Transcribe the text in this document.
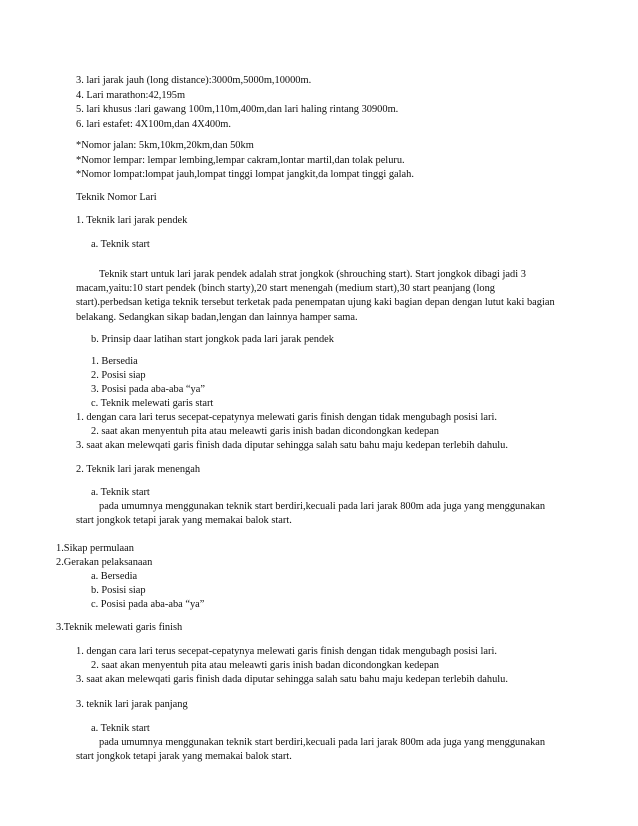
3. lari jarak jauh (long distance):3000m,5000m,10000m.

4. Lari marathon:42,195m

5. lari khusus :lari gawang 100m,110m,400m,dan lari haling rintang 30900m.

6. lari estafet: 4X100m,dan 4X400m.

*Nomor jalan: 5km,10km,20km,dan 50km

*Nomor lempar: lempar lembing,lempar cakram,lontar martil,dan tolak peluru.

*Nomor lompat:lompat jauh,lompat tinggi lompat jangkit,da lompat tinggi galah.

Teknik Nomor Lari

1. Teknik lari jarak pendek

a. Teknik start

Teknik start untuk lari jarak pendek adalah strat jongkok (shrouching start). Start jongkok dibagi jadi 3

macam,yaitu:10 start pendek (binch starty),20 start menengah (medium start),30 start peanjang (long

start).perbedsan ketiga teknik tersebut terketak pada penempatan ujung kaki bagian depan dengan lutut kaki bagian

belakang. Sedangkan sikap badan,lengan dan lainnya hamper sama.

b. Prinsip daar latihan start jongkok pada lari jarak pendek

1. Bersedia

2. Posisi siap

3. Posisi pada aba-aba “ya”

c. Teknik melewati garis start

1. dengan cara lari terus secepat-cepatynya melewati garis finish dengan tidak mengubagh posisi lari.

2. saat akan menyentuh pita atau meleawti garis inish badan dicondongkan kedepan

3. saat akan melewqati garis finish dada diputar sehingga salah satu bahu maju kedepan terlebih dahulu.

2. Teknik lari jarak menengah

a. Teknik start

pada umumnya menggunakan teknik start berdiri,kecuali pada lari jarak 800m ada juga yang menggunakan

start jongkok tetapi jarak yang memakai balok start.

1.Sikap permulaan

2.Gerakan pelaksanaan

a. Bersedia

b. Posisi siap

c. Posisi pada aba-aba “ya”

3.Teknik melewati garis finish

1. dengan cara lari terus secepat-cepatynya melewati garis finish dengan tidak mengubagh posisi lari.

2. saat akan menyentuh pita atau meleawti garis inish badan dicondongkan kedepan

3. saat akan melewqati garis finish dada diputar sehingga salah satu bahu maju kedepan terlebih dahulu.

3. teknik lari jarak panjang

a. Teknik start

pada umumnya menggunakan teknik start berdiri,kecuali pada lari jarak 800m ada juga yang menggunakan

start jongkok tetapi jarak yang memakai balok start.
